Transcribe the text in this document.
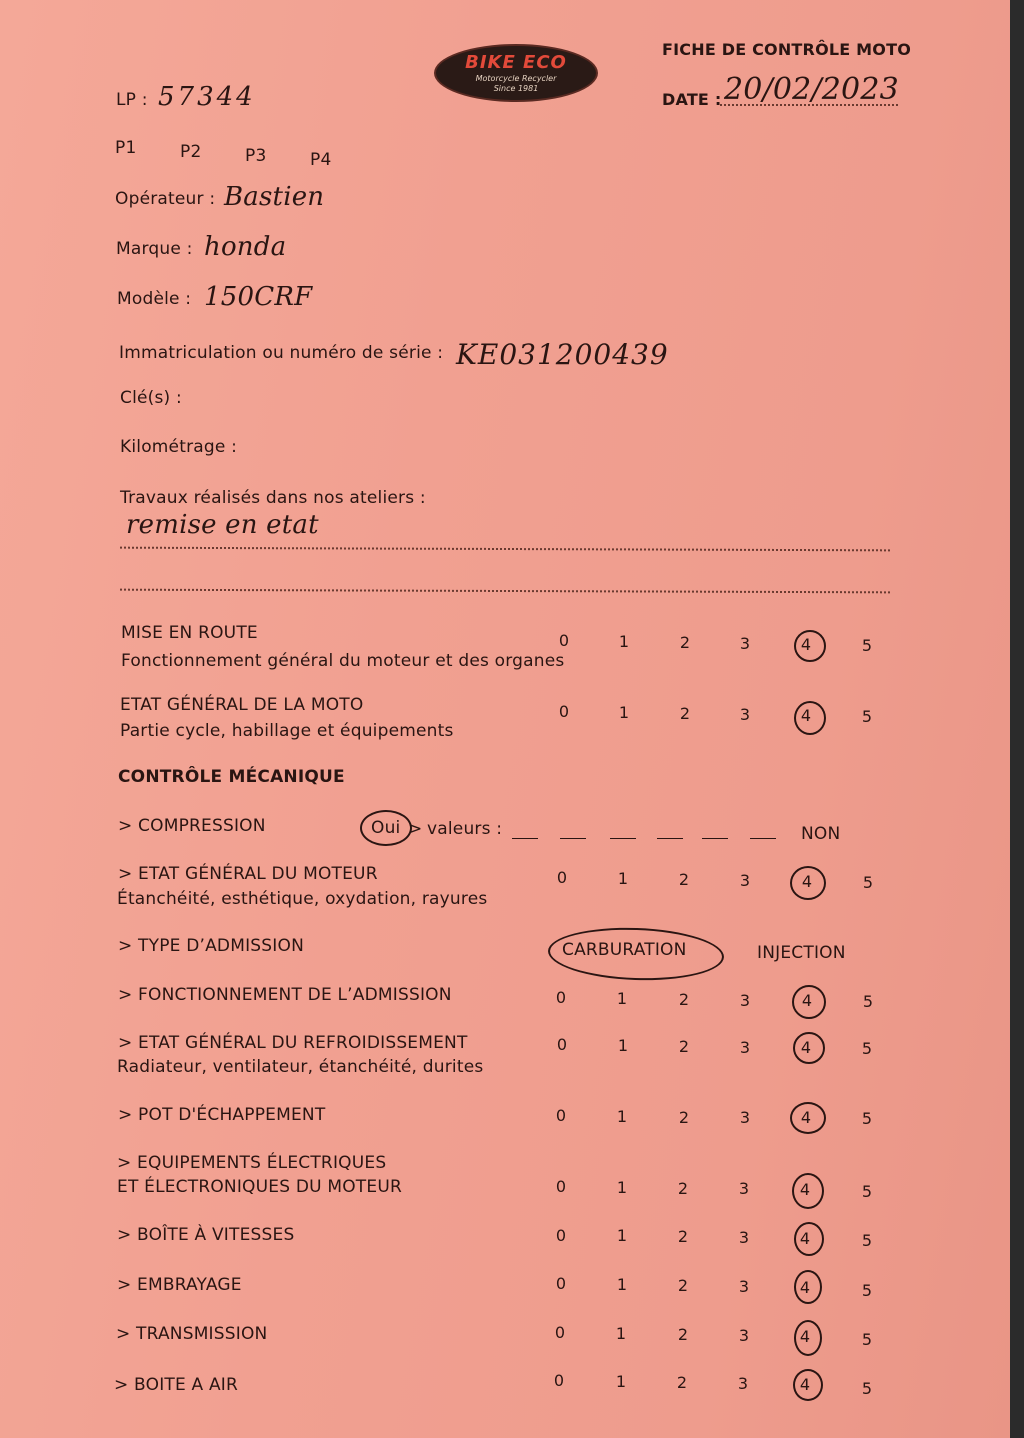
BIKE ECO
Motorcycle Recycler
Since 1981
FICHE DE CONTRÔLE MOTO
DATE : 20/02/2023
LP : 57344
P1	P2	P3	P4
Opérateur : Bastien
Marque : honda
Modèle : 150CRF
Immatriculation ou numéro de série : KE031200439
Clé(s) :
Kilométrage :
Travaux réalisés dans nos ateliers :
remise en etat
MISE EN ROUTE
Fonctionnement général du moteur et des organes
0	1	2	3	4	5
ETAT GÉNÉRAL DE LA MOTO
Partie cycle, habillage et équipements
0	1	2	3	4	5
CONTRÔLE MÉCANIQUE
> COMPRESSION	Oui > valeurs :	NON
> ETAT GÉNÉRAL DU MOTEUR
Étanchéité, esthétique, oxydation, rayures
0	1	2	3	4	5
> TYPE D’ADMISSION	CARBURATION	INJECTION
> FONCTIONNEMENT DE L’ADMISSION	0	1	2	3	4	5
> ETAT GÉNÉRAL DU REFROIDISSEMENT
Radiateur, ventilateur, étanchéité, durites
0	1	2	3	4	5
> POT D'ÉCHAPPEMENT	0	1	2	3	4	5
> EQUIPEMENTS ÉLECTRIQUES
ET ÉLECTRONIQUES DU MOTEUR	0	1	2	3	4	5
> BOÎTE À VITESSES	0	1	2	3	4	5
> EMBRAYAGE	0	1	2	3	4	5
> TRANSMISSION	0	1	2	3	4	5
> BOITE A AIR	0	1	2	3	4	5
